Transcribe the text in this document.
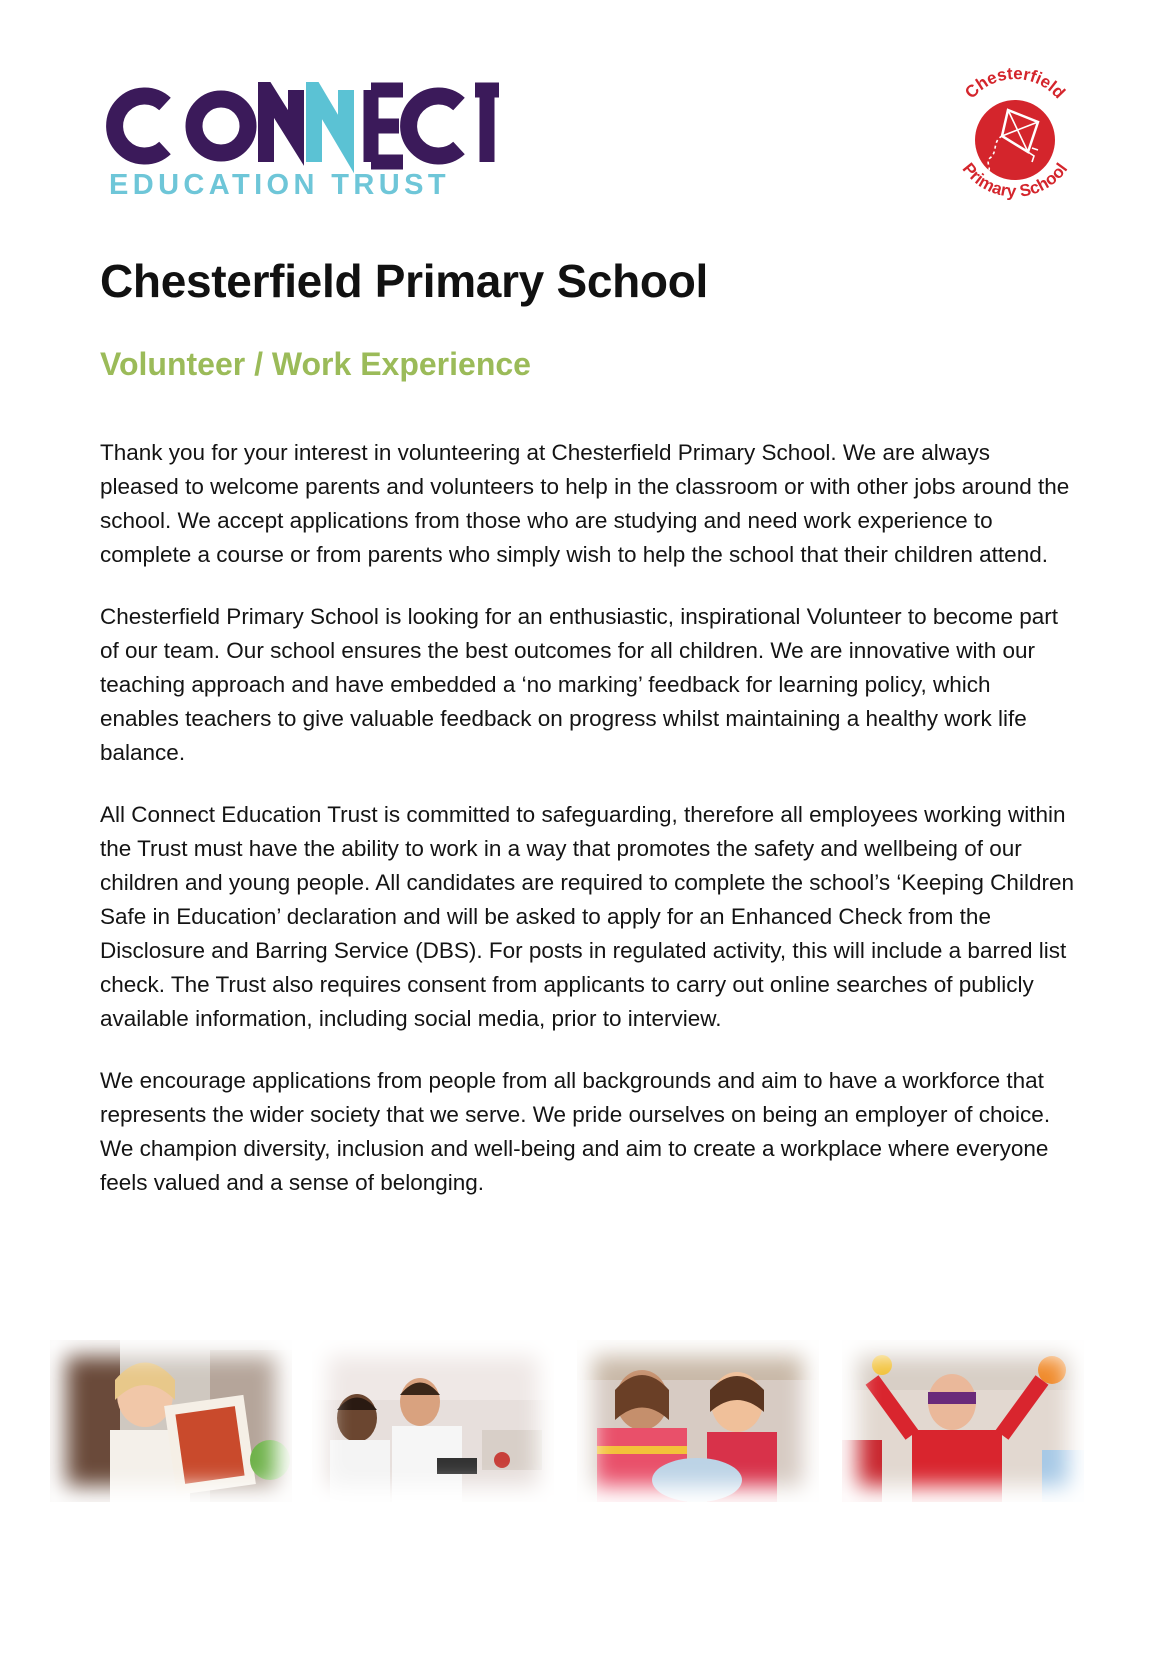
EDUCATION TRUST
Chesterfield
Primary School
Chesterfield Primary School
Volunteer / Work Experience

Thank you for your interest in volunteering at Chesterfield Primary School. We are always pleased to welcome parents and volunteers to help in the classroom or with other jobs around the school. We accept applications from those who are studying and need work experience to complete a course or from parents who simply wish to help the school that their children attend.

Chesterfield Primary School is looking for an enthusiastic, inspirational Volunteer to become part of our team. Our school ensures the best outcomes for all children. We are innovative with our teaching approach and have embedded a ‘no marking’ feedback for learning policy, which enables teachers to give valuable feedback on progress whilst maintaining a healthy work life balance.

All Connect Education Trust is committed to safeguarding, therefore all employees working within the Trust must have the ability to work in a way that promotes the safety and wellbeing of our children and young people. All candidates are required to complete the school’s ‘Keeping Children Safe in Education’ declaration and will be asked to apply for an Enhanced Check from the Disclosure and Barring Service (DBS). For posts in regulated activity, this will include a barred list check. The Trust also requires consent from applicants to carry out online searches of publicly available information, including social media, prior to interview.

We encourage applications from people from all backgrounds and aim to have a workforce that represents the wider society that we serve. We pride ourselves on being an employer of choice. We champion diversity, inclusion and well-being and aim to create a workplace where everyone feels valued and a sense of belonging.
